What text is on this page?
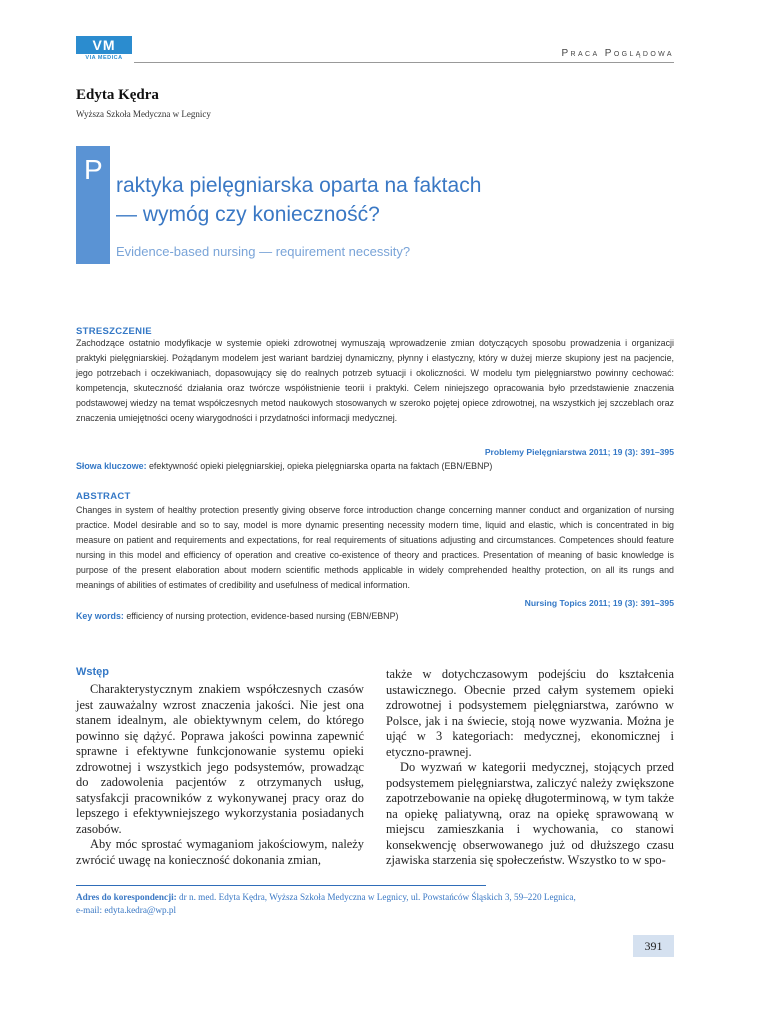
VM
VIA MEDICA	Praca Poglądowa
Edyta Kędra
Wyższa Szkoła Medyczna w Legnicy
P
raktyka pielęgniarska oparta na faktach
— wymóg czy konieczność?
Evidence-based nursing — requirement necessity?
STRESZCZENIE
Zachodzące ostatnio modyfikacje w systemie opieki zdrowotnej wymuszają wprowadzenie zmian dotyczących sposobu prowadzenia i organizacji praktyki pielęgniarskiej. Pożądanym modelem jest wariant bardziej dynamiczny, płynny i elastyczny, który w dużej mierze skupiony jest na pacjencie, jego potrzebach i oczekiwaniach, dopasowujący się do realnych potrzeb sytuacji i okoliczności. W modelu tym pielęgniarstwo powinny cechować: kompetencja, skuteczność działania oraz twórcze współistnienie teorii i praktyki. Celem niniejszego opracowania było przedstawienie znaczenia podstawowej wiedzy na temat współczesnych metod naukowych stosowanych w szeroko pojętej opiece zdrowotnej, na wszystkich jej szczeblach oraz znaczenia umiejętności oceny wiarygodności i przydatności informacji medycznej.
Problemy Pielęgniarstwa 2011; 19 (3): 391–395
Słowa kluczowe: efektywność opieki pielęgniarskiej, opieka pielęgniarska oparta na faktach (EBN/EBNP)
ABSTRACT
Changes in system of healthy protection presently giving observe force introduction change concerning manner conduct and organization of nursing practice. Model desirable and so to say, model is more dynamic presenting necessity modern time, liquid and elastic, which is concentrated in big measure on patient and requirements and expectations, for real requirements of situations adjusting and circumstances. Competences should feature nursing in this model and efficiency of operation and creative co-existence of theory and practices. Presentation of meaning of basic knowledge is purpose of the present elaboration about modern scientific methods applicable in widely comprehended healthy protection, on all its rungs and meanings of abilities of estimates of credibility and usefulness of medical information.
Nursing Topics 2011; 19 (3): 391–395
Key words: efficiency of nursing protection, evidence-based nursing (EBN/EBNP)
Wstęp

Charakterystycznym znakiem współczesnych czasów jest zauważalny wzrost znaczenia jakości. Nie jest ona stanem idealnym, ale obiektywnym celem, do którego powinno się dążyć. Poprawa jakości powinna zapewnić sprawne i efektywne funkcjonowanie systemu opieki zdrowotnej i wszystkich jego podsystemów, prowadząc do zadowolenia pacjentów z otrzymanych usług, satysfakcji pracowników z wykonywanej pracy oraz do lepszego i efektywniejszego wykorzystania posiadanych zasobów.

Aby móc sprostać wymaganiom jakościowym, należy zwrócić uwagę na konieczność dokonania zmian,

także w dotychczasowym podejściu do kształcenia ustawicznego. Obecnie przed całym systemem opieki zdrowotnej i podsystemem pielęgniarstwa, zarówno w Polsce, jak i na świecie, stoją nowe wyzwania. Można je ująć w 3 kategoriach: medycznej, ekonomicznej i etyczno-prawnej.

Do wyzwań w kategorii medycznej, stojących przed podsystemem pielęgniarstwa, zaliczyć należy zwiększone zapotrzebowanie na opiekę długoterminową, w tym także na opiekę paliatywną, oraz na opiekę sprawowaną w miejscu zamieszkania i wychowania, co stanowi konsekwencję obserwowanego już od dłuższego czasu zjawiska starzenia się społeczeństw. Wszystko to w spo-

Adres do korespondencji: dr n. med. Edyta Kędra, Wyższa Szkoła Medyczna w Legnicy, ul. Powstańców Śląskich 3, 59–220 Legnica,
e-mail: edyta.kedra@wp.pl
391
